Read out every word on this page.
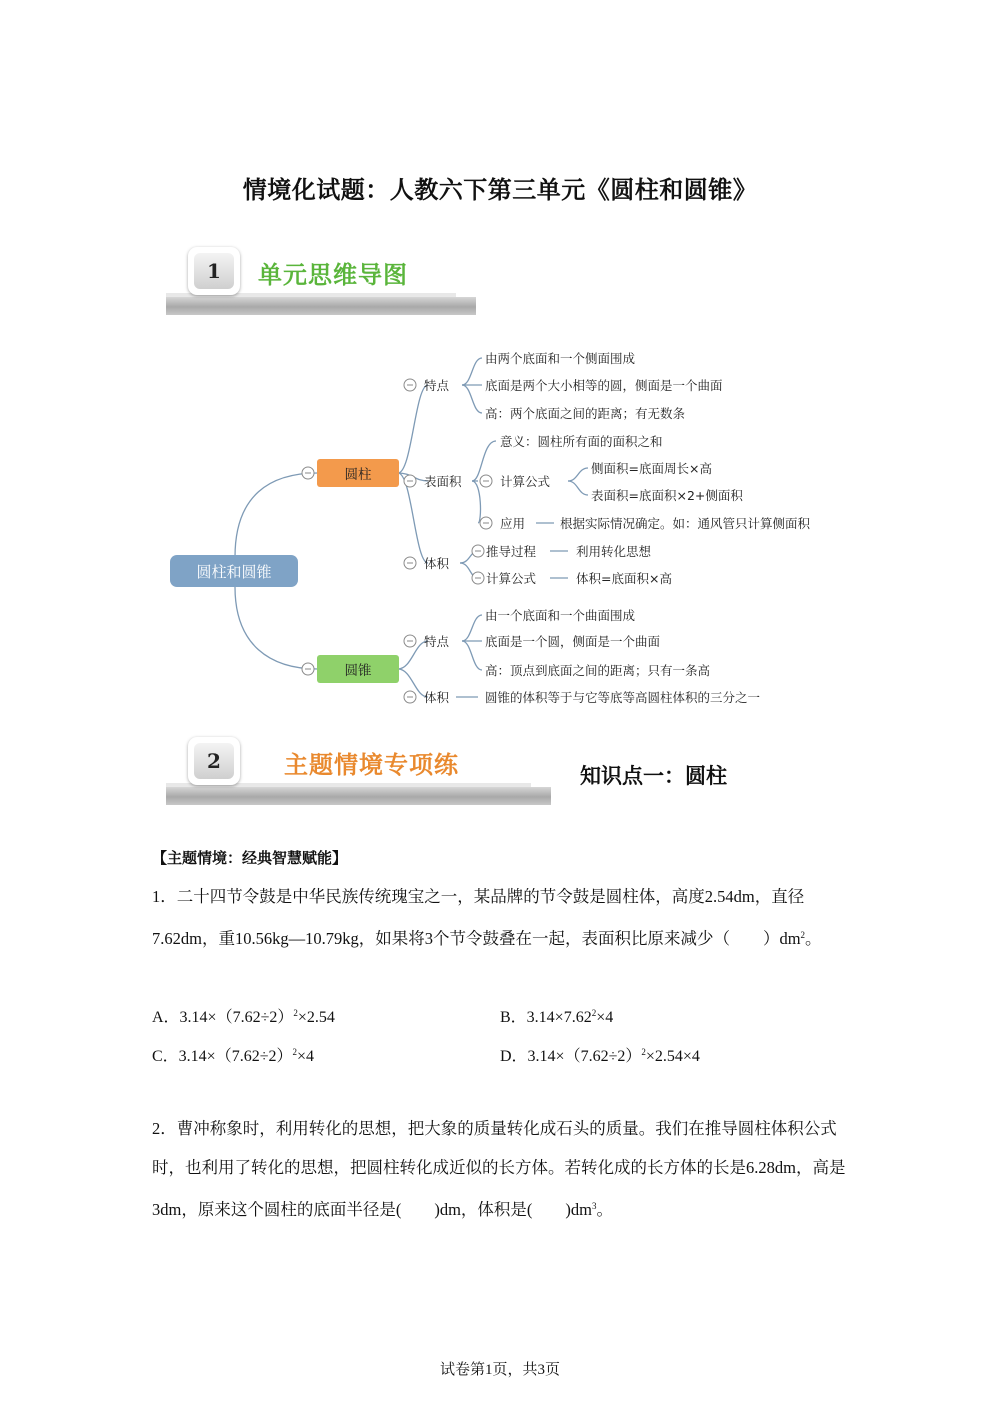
情境化试题：人教六下第三单元《圆柱和圆锥》
1	单元思维导图
圆柱和圆锥
圆柱
圆锥
特点
由两个底面和一个侧面围成
底面是两个大小相等的圆，侧面是一个曲面
高：两个底面之间的距离；有无数条
表面积
意义：圆柱所有面的面积之和
计算公式
侧面积=底面周长×高
表面积=底面积×2+侧面积
应用	根据实际情况确定。如：通风管只计算侧面积
体积
推导过程	利用转化思想
计算公式	体积=底面积×高
特点
由一个底面和一个曲面围成
底面是一个圆，侧面是一个曲面
高：顶点到底面之间的距离；只有一条高
体积	圆锥的体积等于与它等底等高圆柱体积的三分之一
2	主题情境专项练	知识点一：圆柱
【主题情境：经典智慧赋能】
1．二十四节令鼓是中华民族传统瑰宝之一，某品牌的节令鼓是圆柱体，高度2.54dm，直径7.62dm，重10.56kg—10.79kg，如果将3个节令鼓叠在一起，表面积比原来减少（　　）$dm^2$。
A．$3.14\times(7.62\div 2)^2\times 2.54$	B．$3.14\times 7.62^2\times 4$
C．$3.14\times(7.62\div 2)^2\times 4$	D．$3.14\times(7.62\div 2)^2\times 2.54\times 4$
2．曹冲称象时，利用转化的思想，把大象的质量转化成石头的质量。我们在推导圆柱体积公式时，也利用了转化的思想，把圆柱转化成近似的长方体。若转化成的长方体的长是6.28dm，高是3dm，原来这个圆柱的底面半径是(　　)dm，体积是(　　)$dm^3$。
试卷第1页，共3页
